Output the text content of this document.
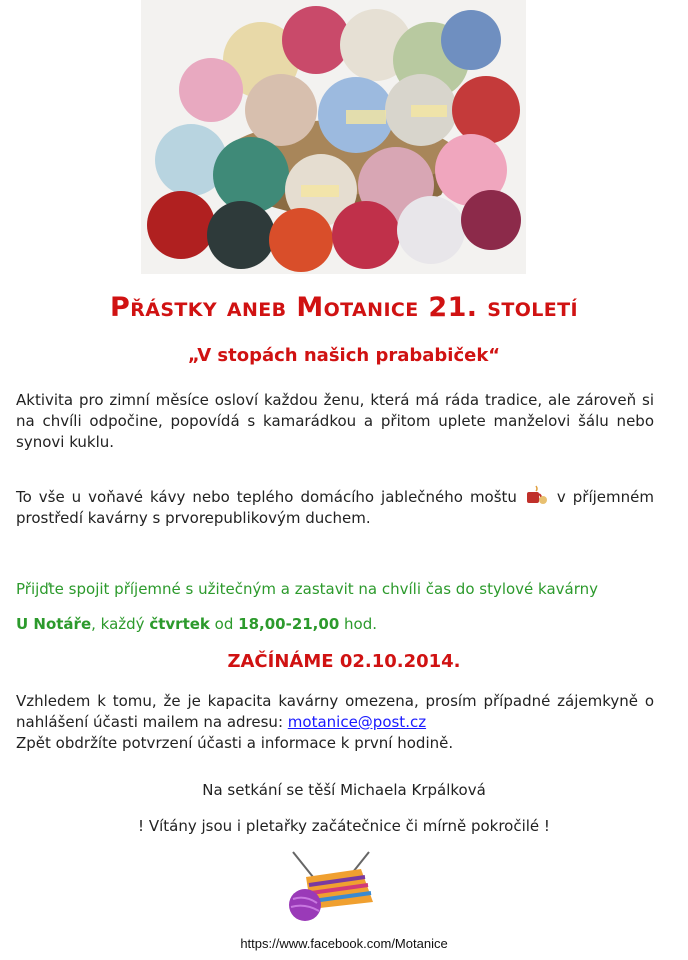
Přástky aneb Motanice 21. století
„V stopách našich prababiček“
Aktivita pro zimní měsíce osloví každou ženu, která má ráda tradice, ale zároveň si na chvíli odpočine, popovídá s kamarádkou a přitom uplete manželovi šálu nebo synovi kuklu.
To vše u voňavé kávy nebo teplého domácího jablečného moštu	v příjemném prostředí kavárny s prvorepublikovým duchem.
Přijďte spojit příjemné s užitečným a zastavit na chvíli čas do stylové kavárny
U Notáře, každý čtvrtek od 18,00-21,00 hod.
ZAČÍNÁME 02.10.2014.
Vzhledem k tomu, že je kapacita kavárny omezena, prosím případné zájemkyně o nahlášení účasti mailem na adresu: motanice@post.cz
Zpět obdržíte potvrzení účasti a informace k první hodině.
Na setkání se těší Michaela Krpálková
! Vítány jsou i pletařky začátečnice či mírně pokročilé !
https://www.facebook.com/Motanice
